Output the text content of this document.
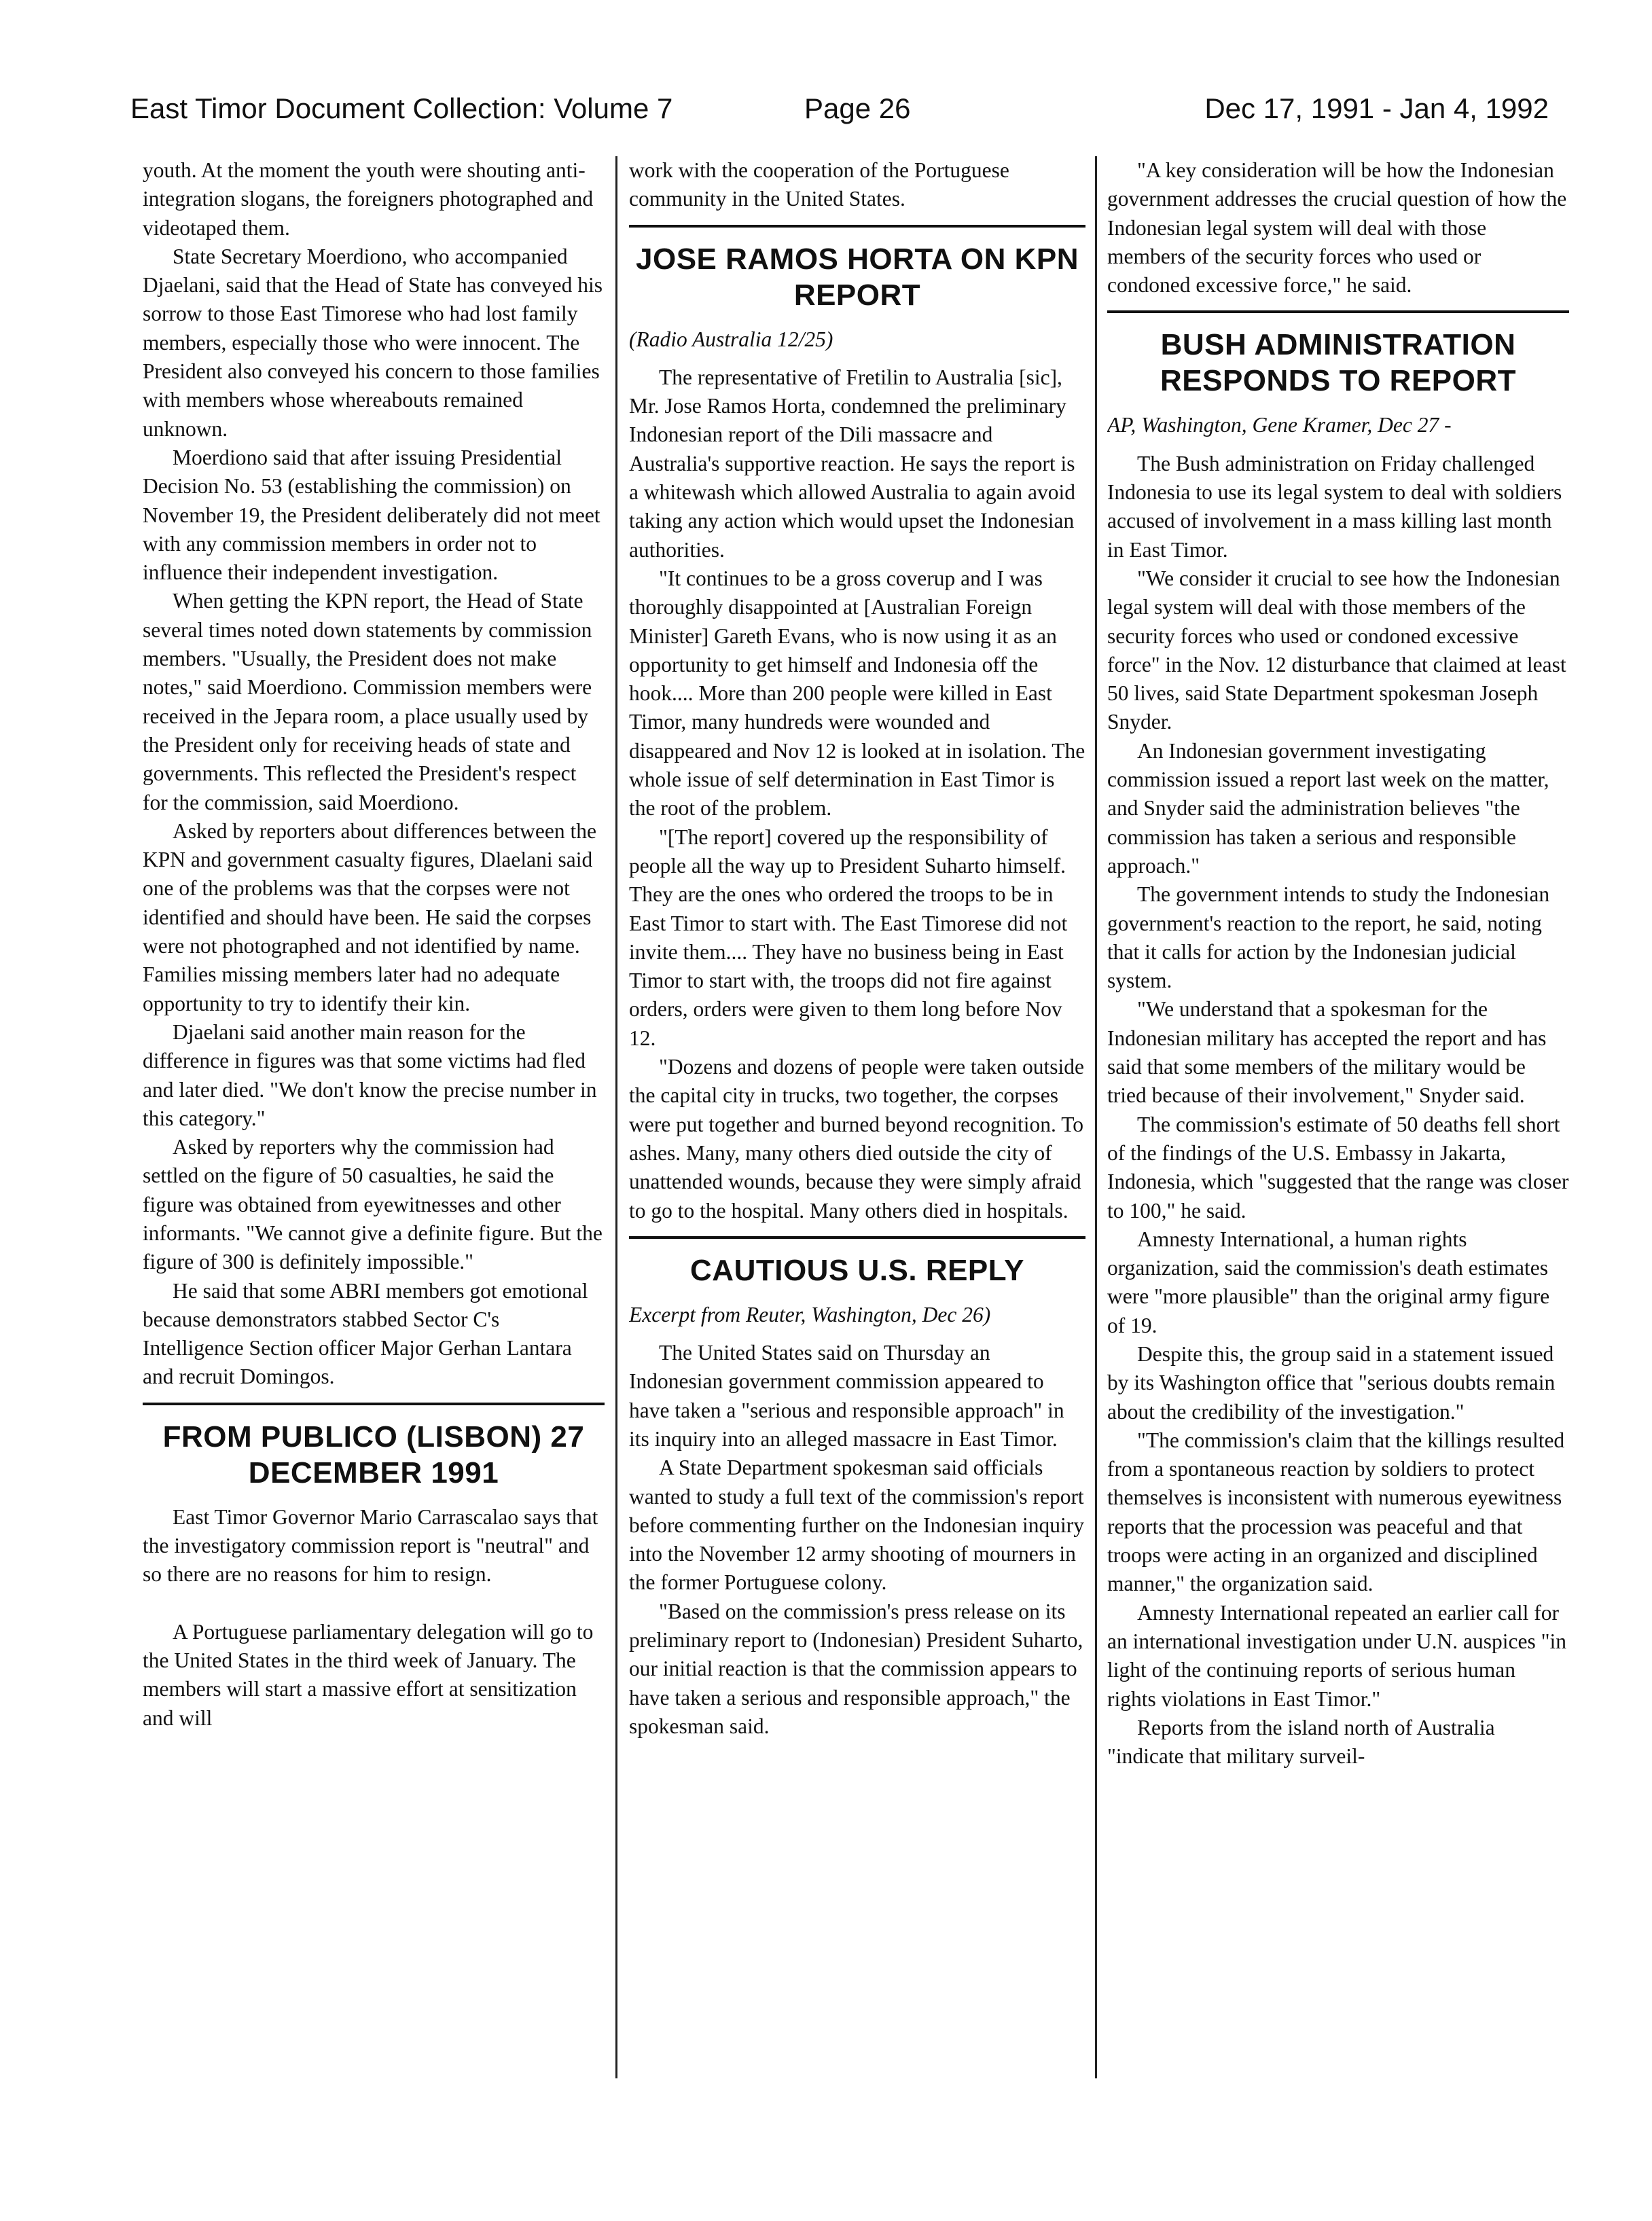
East Timor Document Collection: Volume 7	Page 26	Dec 17, 1991 - Jan 4, 1992

youth. At the moment the youth were shouting anti-integration slogans, the foreigners photographed and videotaped them.

State Secretary Moerdiono, who accompanied Djaelani, said that the Head of State has conveyed his sorrow to those East Timorese who had lost family members, especially those who were innocent. The President also conveyed his concern to those families with members whose whereabouts remained unknown.

Moerdiono said that after issuing Presidential Decision No. 53 (establishing the commission) on November 19, the President deliberately did not meet with any commission members in order not to influence their independent investigation.

When getting the KPN report, the Head of State several times noted down statements by commission members. "Usually, the President does not make notes," said Moerdiono. Commission members were received in the Jepara room, a place usually used by the President only for receiving heads of state and governments. This reflected the President's respect for the commission, said Moerdiono.

Asked by reporters about differences between the KPN and government casualty figures, Dlaelani said one of the problems was that the corpses were not identified and should have been. He said the corpses were not photographed and not identified by name. Families missing members later had no adequate opportunity to try to identify their kin.

Djaelani said another main reason for the difference in figures was that some victims had fled and later died. "We don't know the precise number in this category."

Asked by reporters why the commission had settled on the figure of 50 casualties, he said the figure was obtained from eyewitnesses and other informants. "We cannot give a definite figure. But the figure of 300 is definitely impossible."

He said that some ABRI members got emotional because demonstrators stabbed Sector C's Intelligence Section officer Major Gerhan Lantara and recruit Domingos.

FROM PUBLICO (LISBON) 27 DECEMBER 1991

East Timor Governor Mario Carrascalao says that the investigatory commission report is "neutral" and so there are no reasons for him to resign.

A Portuguese parliamentary delegation will go to the United States in the third week of January. The members will start a massive effort at sensitization and will

work with the cooperation of the Portuguese community in the United States.

JOSE RAMOS HORTA ON KPN REPORT

(Radio Australia 12/25)

The representative of Fretilin to Australia [sic], Mr. Jose Ramos Horta, condemned the preliminary Indonesian report of the Dili massacre and Australia's supportive reaction. He says the report is a whitewash which allowed Australia to again avoid taking any action which would upset the Indonesian authorities.

"It continues to be a gross coverup and I was thoroughly disappointed at [Australian Foreign Minister] Gareth Evans, who is now using it as an opportunity to get himself and Indonesia off the hook.... More than 200 people were killed in East Timor, many hundreds were wounded and disappeared and Nov 12 is looked at in isolation. The whole issue of self determination in East Timor is the root of the problem.

"[The report] covered up the responsibility of people all the way up to President Suharto himself. They are the ones who ordered the troops to be in East Timor to start with. The East Timorese did not invite them.... They have no business being in East Timor to start with, the troops did not fire against orders, orders were given to them long before Nov 12.

"Dozens and dozens of people were taken outside the capital city in trucks, two together, the corpses were put together and burned beyond recognition. To ashes. Many, many others died outside the city of unattended wounds, because they were simply afraid to go to the hospital. Many others died in hospitals.

CAUTIOUS U.S. REPLY

Excerpt from Reuter, Washington, Dec 26)

The United States said on Thursday an Indonesian government commission appeared to have taken a "serious and responsible approach" in its inquiry into an alleged massacre in East Timor.

A State Department spokesman said officials wanted to study a full text of the commission's report before commenting further on the Indonesian inquiry into the November 12 army shooting of mourners in the former Portuguese colony.

"Based on the commission's press release on its preliminary report to (Indonesian) President Suharto, our initial reaction is that the commission appears to have taken a serious and responsible approach," the spokesman said.

"A key consideration will be how the Indonesian government addresses the crucial question of how the Indonesian legal system will deal with those members of the security forces who used or condoned excessive force," he said.

BUSH ADMINISTRATION RESPONDS TO REPORT

AP, Washington, Gene Kramer, Dec 27 -

The Bush administration on Friday challenged Indonesia to use its legal system to deal with soldiers accused of involvement in a mass killing last month in East Timor.

"We consider it crucial to see how the Indonesian legal system will deal with those members of the security forces who used or condoned excessive force" in the Nov. 12 disturbance that claimed at least 50 lives, said State Department spokesman Joseph Snyder.

An Indonesian government investigating commission issued a report last week on the matter, and Snyder said the administration believes "the commission has taken a serious and responsible approach."

The government intends to study the Indonesian government's reaction to the report, he said, noting that it calls for action by the Indonesian judicial system.

"We understand that a spokesman for the Indonesian military has accepted the report and has said that some members of the military would be tried because of their involvement," Snyder said.

The commission's estimate of 50 deaths fell short of the findings of the U.S. Embassy in Jakarta, Indonesia, which "suggested that the range was closer to 100," he said.

Amnesty International, a human rights organization, said the commission's death estimates were "more plausible" than the original army figure of 19.

Despite this, the group said in a statement issued by its Washington office that "serious doubts remain about the credibility of the investigation."

"The commission's claim that the killings resulted from a spontaneous reaction by soldiers to protect themselves is inconsistent with numerous eyewitness reports that the procession was peaceful and that troops were acting in an organized and disciplined manner," the organization said.

Amnesty International repeated an earlier call for an international investigation under U.N. auspices "in light of the continuing reports of serious human rights violations in East Timor."

Reports from the island north of Australia "indicate that military surveil-
